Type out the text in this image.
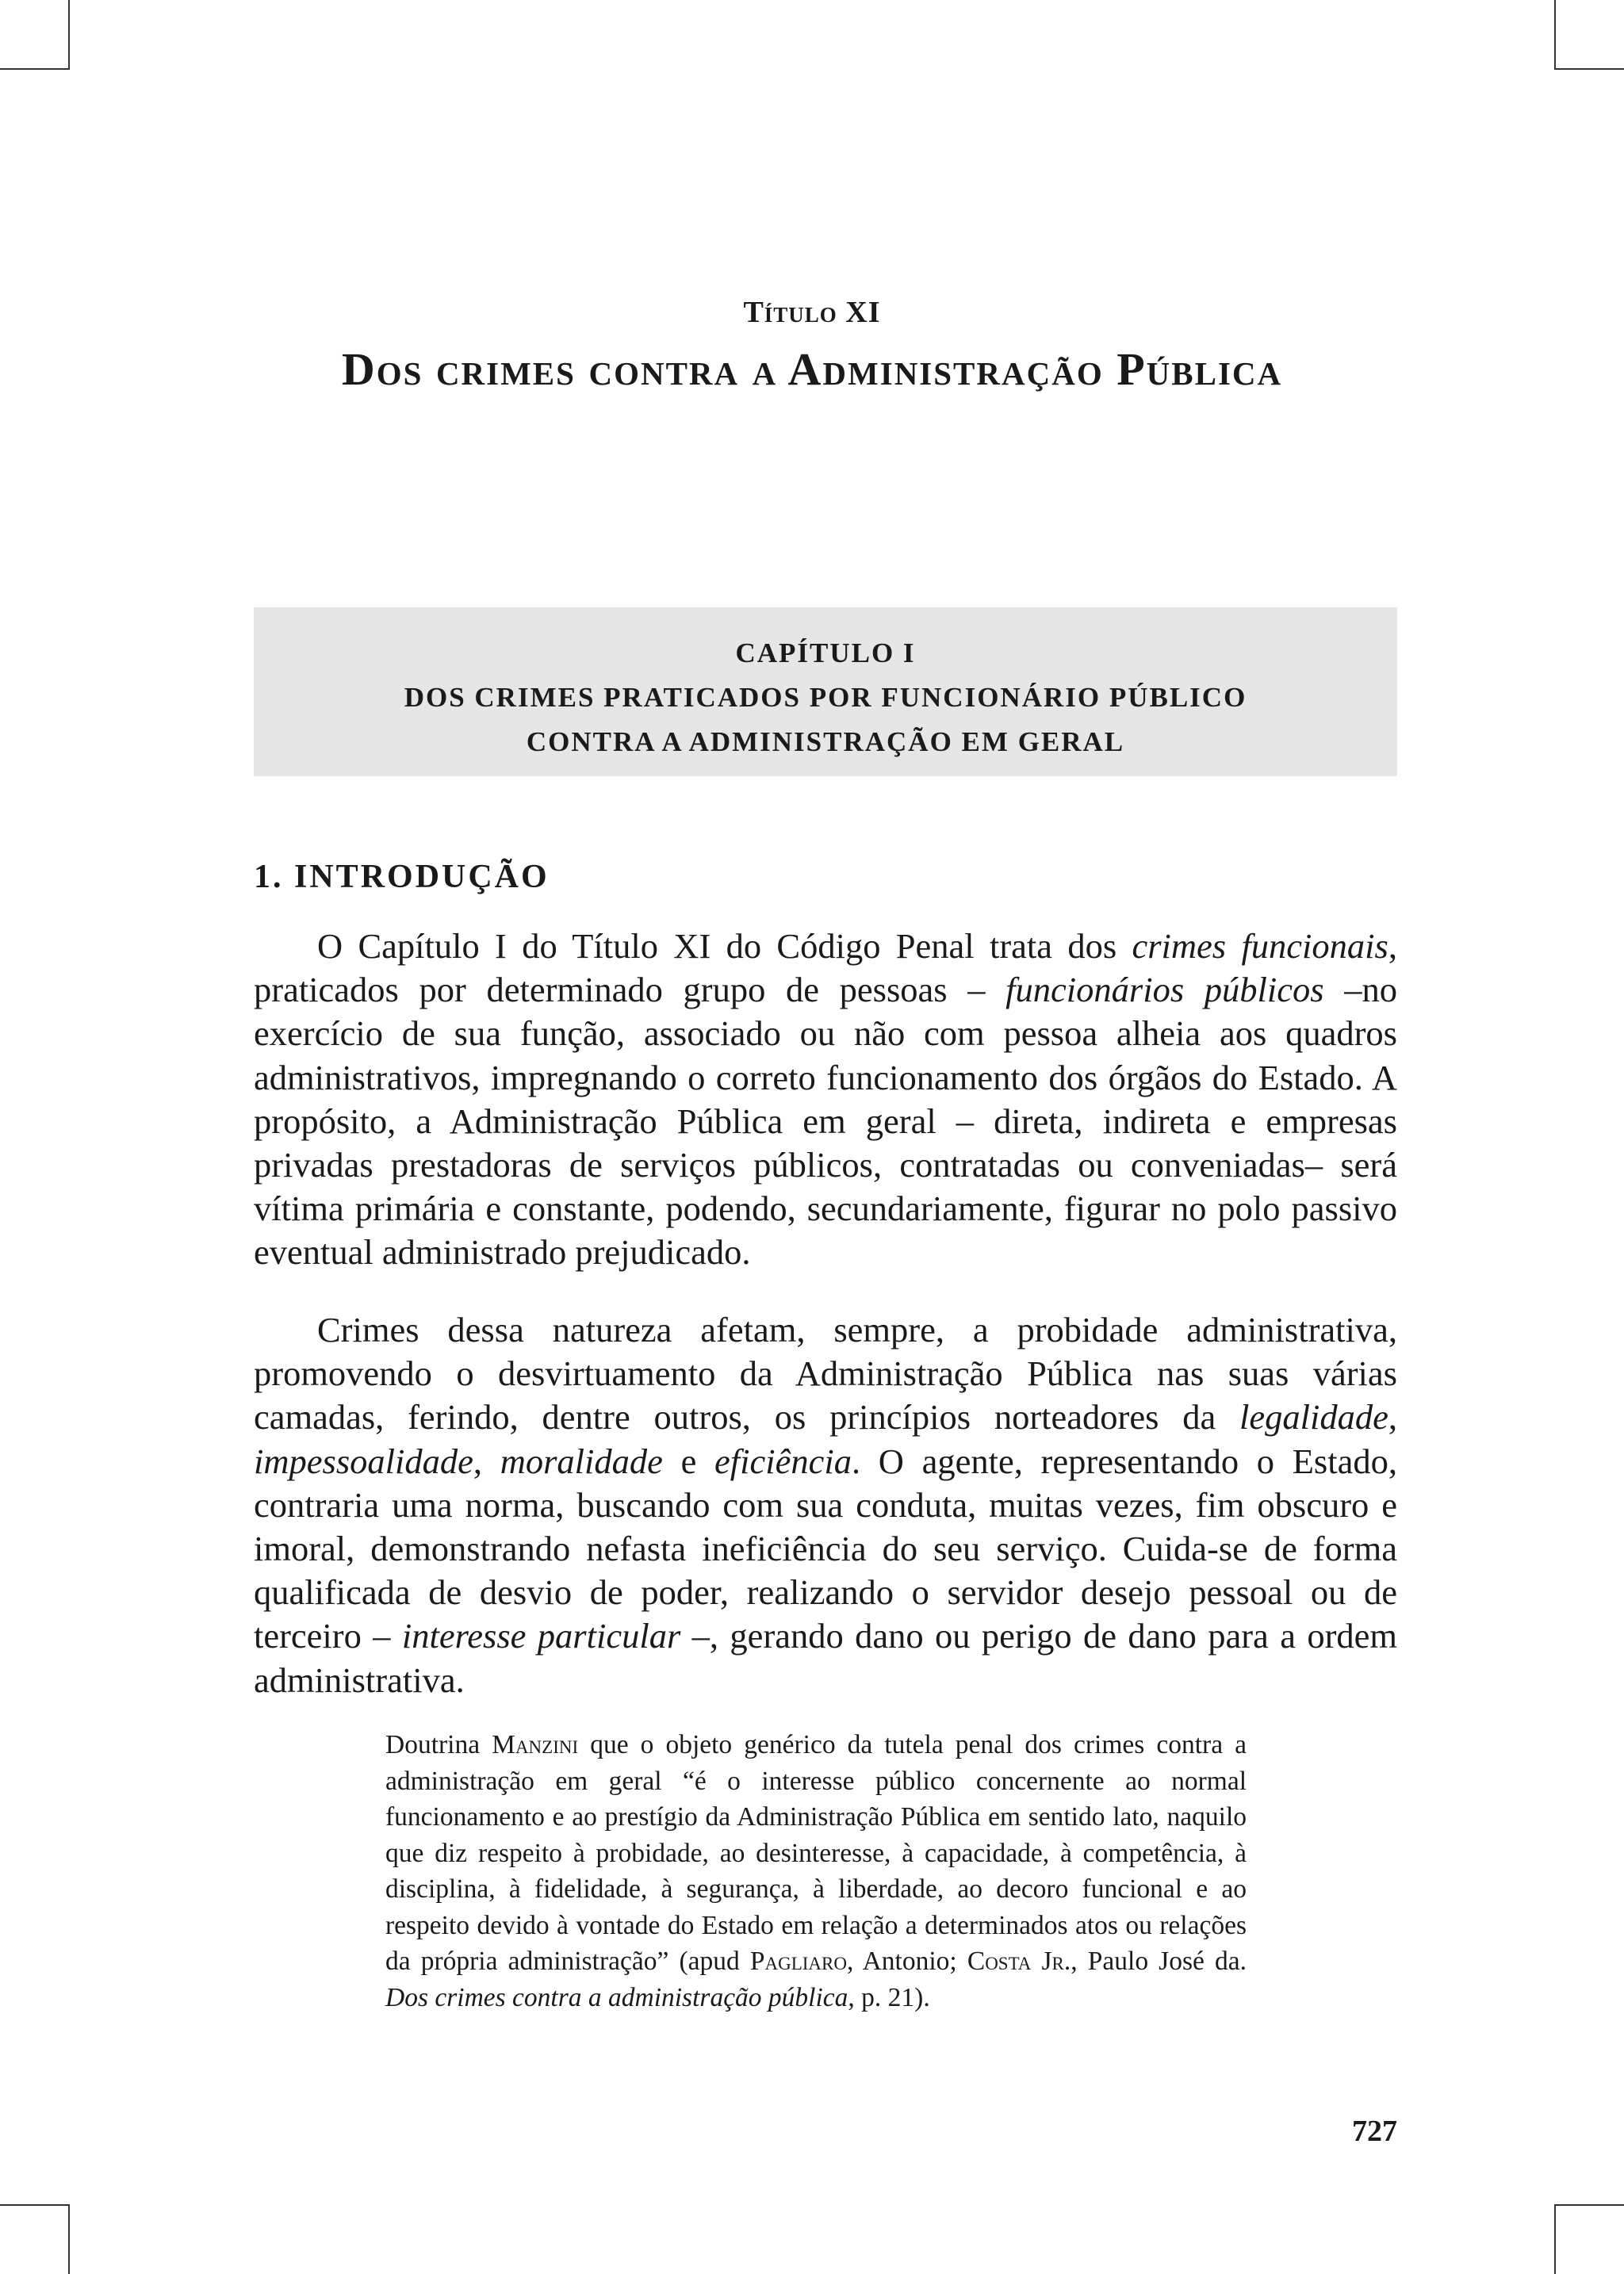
Título XI
Dos crimes contra a Administração Pública
CAPÍTULO I
DOS CRIMES PRATICADOS POR FUNCIONÁRIO PÚBLICO
CONTRA A ADMINISTRAÇÃO EM GERAL
1. INTRODUÇÃO

O Capítulo I do Título XI do Código Penal trata dos crimes funcionais, praticados por determinado grupo de pessoas – funcionários públicos –no exercício de sua função, associado ou não com pessoa alheia aos quadros administrativos, impregnando o correto funcionamento dos órgãos do Estado. A propósito, a Administração Pública em geral – direta, indireta e empresas privadas prestadoras de serviços públicos, contratadas ou conveniadas– será vítima primária e constante, podendo, secundariamente, figurar no polo passivo eventual administrado prejudicado.

Crimes dessa natureza afetam, sempre, a probidade administrativa, promovendo o desvirtuamento da Administração Pública nas suas várias camadas, ferindo, dentre outros, os princípios norteadores da legalidade, impessoalidade, moralidade e eficiência. O agente, representando o Estado, contraria uma norma, buscando com sua conduta, muitas vezes, fim obscuro e imoral, demonstrando nefasta ineficiência do seu serviço. Cuida-se de forma qualificada de desvio de poder, realizando o servidor desejo pessoal ou de terceiro – interesse particular –, gerando dano ou perigo de dano para a ordem administrativa.

Doutrina Manzini que o objeto genérico da tutela penal dos crimes contra a administração em geral “é o interesse público concernente ao normal funcionamento e ao prestígio da Administração Pública em sentido lato, naquilo que diz respeito à probidade, ao desinteresse, à capacidade, à competência, à disciplina, à fidelidade, à segurança, à liberdade, ao decoro funcional e ao respeito devido à vontade do Estado em relação a determinados atos ou relações da própria administração” (apud Pagliaro, Antonio; Costa Jr., Paulo José da. Dos crimes contra a administração pública, p. 21).

727
